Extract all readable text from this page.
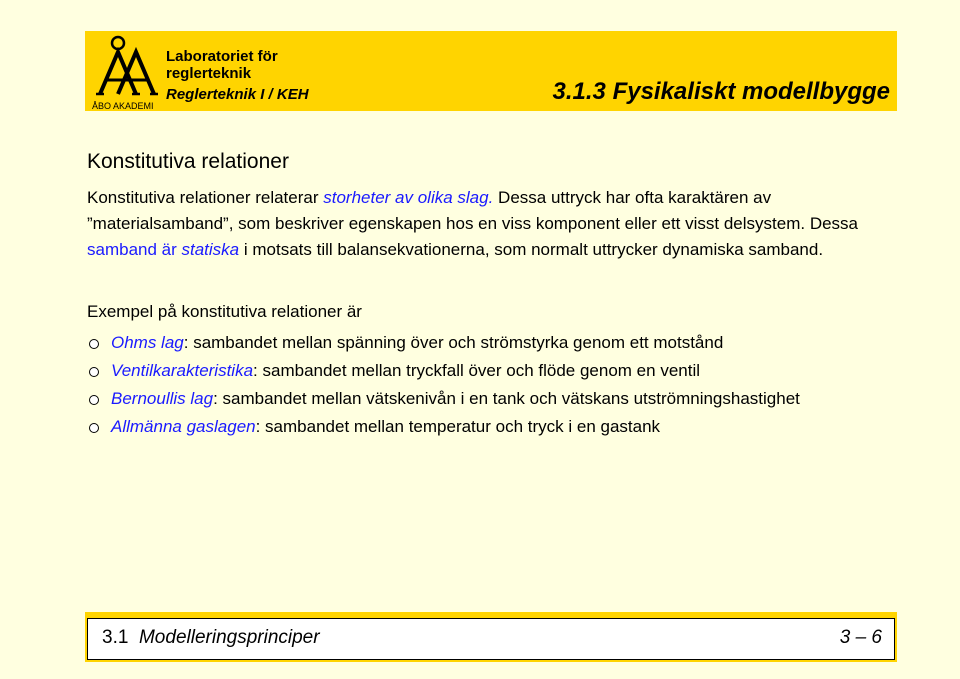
ÅBO AKADEMI
Laboratoriet för
reglerteknik
Reglerteknik I / KEH	3.1.3 Fysikaliskt modellbygge
Konstitutiva relationer
Konstitutiva relationer relaterar storheter av olika slag. Dessa uttryck har ofta karaktären av ”materialsamband”, som beskriver egenskapen hos en viss komponent eller ett visst delsystem. Dessa samband är statiska i motsats till balansekvationerna, som normalt uttrycker dynamiska samband.
Exempel på konstitutiva relationer är
Ohms lag: sambandet mellan spänning över och strömstyrka genom ett motstånd
Ventilkarakteristika: sambandet mellan tryckfall över och flöde genom en ventil
Bernoullis lag: sambandet mellan vätskenivån i en tank och vätskans utströmningshastighet
Allmänna gaslagen: sambandet mellan temperatur och tryck i en gastank
3.1 Modelleringsprinciper	3 – 6
